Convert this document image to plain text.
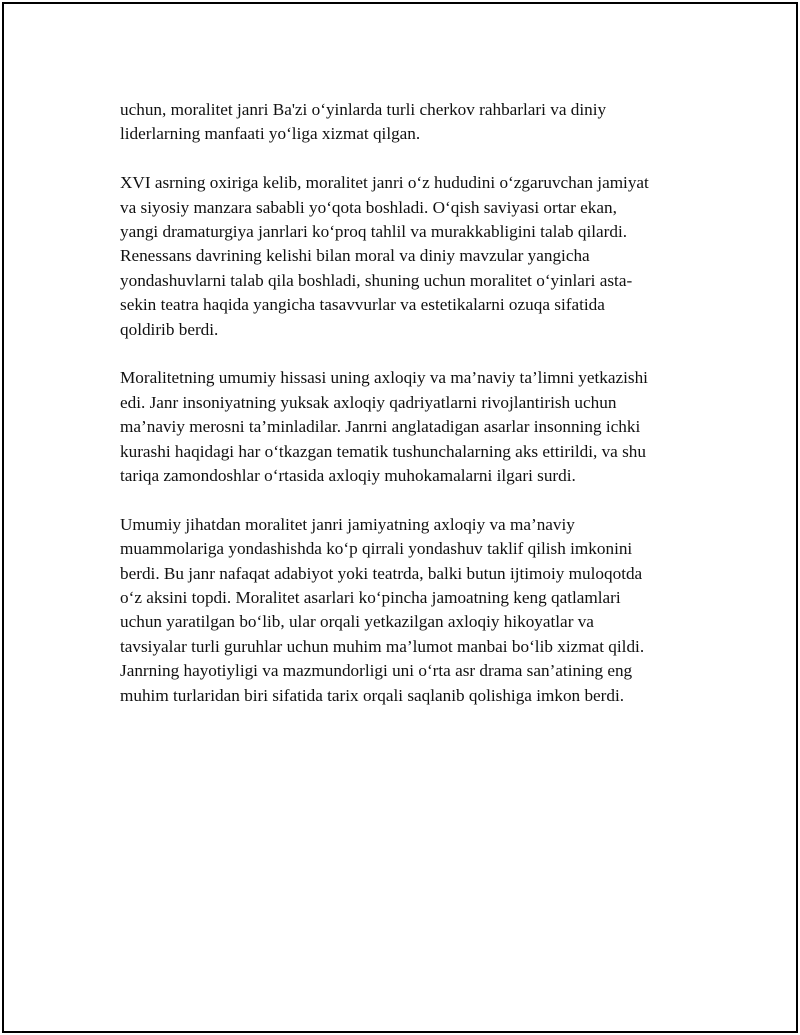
uchun, moralitet janri Ba'zi o‘yinlarda turli cherkov rahbarlari va diniy
liderlarning manfaati yo‘liga xizmat qilgan.

XVI asrning oxiriga kelib, moralitet janri o‘z hududini o‘zgaruvchan jamiyat
va siyosiy manzara sababli yo‘qota boshladi. O‘qish saviyasi ortar ekan,
yangi dramaturgiya janrlari ko‘proq tahlil va murakkabligini talab qilardi.
Renessans davrining kelishi bilan moral va diniy mavzular yangicha
yondashuvlarni talab qila boshladi, shuning uchun moralitet o‘yinlari asta-
sekin teatra haqida yangicha tasavvurlar va estetikalarni ozuqa sifatida
qoldirib berdi.

Moralitetning umumiy hissasi uning axloqiy va ma’naviy ta’limni yetkazishi
edi. Janr insoniyatning yuksak axloqiy qadriyatlarni rivojlantirish uchun
ma’naviy merosni ta’minladilar. Janrni anglatadigan asarlar insonning ichki
kurashi haqidagi har o‘tkazgan tematik tushunchalarning aks ettirildi, va shu
tariqa zamondoshlar o‘rtasida axloqiy muhokamalarni ilgari surdi.

Umumiy jihatdan moralitet janri jamiyatning axloqiy va ma’naviy
muammolariga yondashishda ko‘p qirrali yondashuv taklif qilish imkonini
berdi. Bu janr nafaqat adabiyot yoki teatrda, balki butun ijtimoiy muloqotda
o‘z aksini topdi. Moralitet asarlari ko‘pincha jamoatning keng qatlamlari
uchun yaratilgan bo‘lib, ular orqali yetkazilgan axloqiy hikoyatlar va
tavsiyalar turli guruhlar uchun muhim ma’lumot manbai bo‘lib xizmat qildi.
Janrning hayotiyligi va mazmundorligi uni o‘rta asr drama san’atining eng
muhim turlaridan biri sifatida tarix orqali saqlanib qolishiga imkon berdi.
